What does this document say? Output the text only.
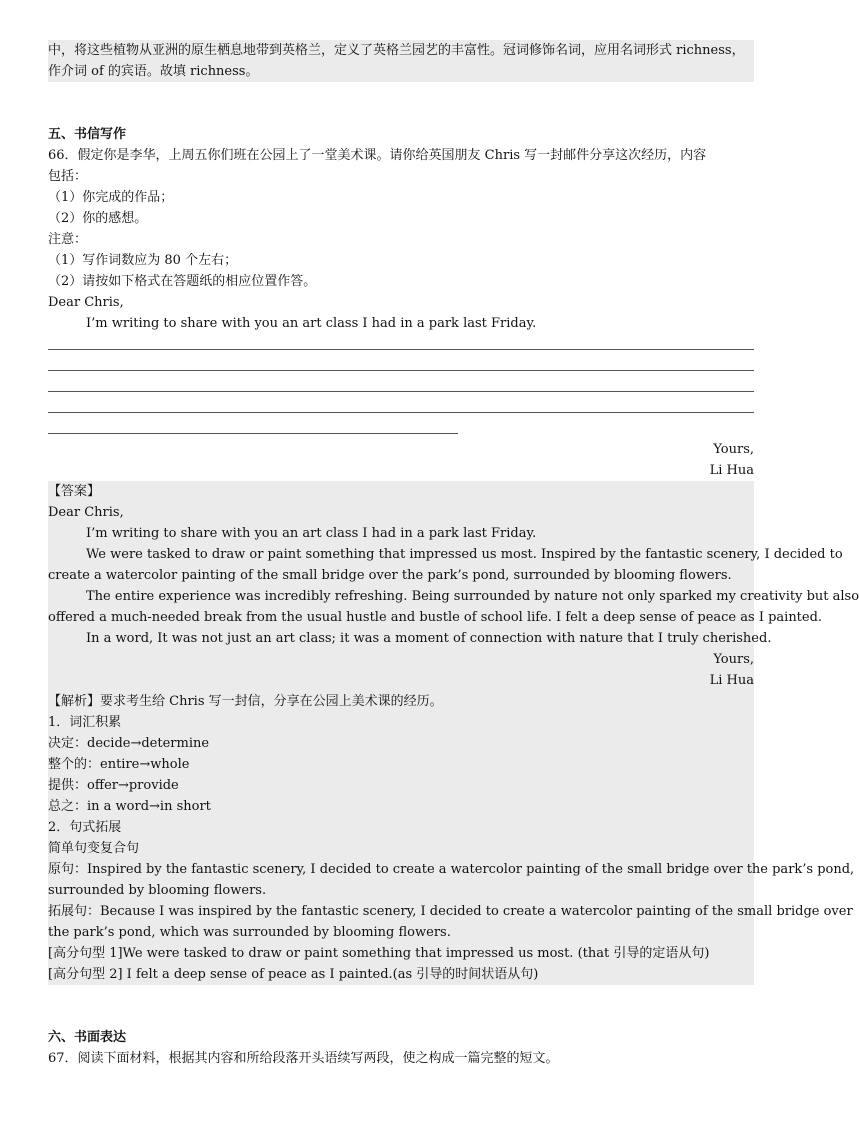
中，将这些植物从亚洲的原生栖息地带到英格兰，定义了英格兰园艺的丰富性。冠词修饰名词，应用名词形式 richness，
作介词 of 的宾语。故填 richness。
五、书信写作
66．假定你是李华，上周五你们班在公园上了一堂美术课。请你给英国朋友 Chris 写一封邮件分享这次经历，内容
包括：
（1）你完成的作品；
（2）你的感想。
注意：
（1）写作词数应为 80 个左右；
（2）请按如下格式在答题纸的相应位置作答。
Dear Chris,
I’m writing to share with you an art class I had in a park last Friday.
Yours,
Li Hua
【答案】
Dear Chris,
I’m writing to share with you an art class I had in a park last Friday.
We were tasked to draw or paint something that impressed us most. Inspired by the fantastic scenery, I decided to
create a watercolor painting of the small bridge over the park’s pond, surrounded by blooming flowers.
The entire experience was incredibly refreshing. Being surrounded by nature not only sparked my creativity but also
offered a much-needed break from the usual hustle and bustle of school life. I felt a deep sense of peace as I painted.
In a word, It was not just an art class; it was a moment of connection with nature that I truly cherished.
Yours,
Li Hua
【解析】要求考生给 Chris 写一封信，分享在公园上美术课的经历。
1．词汇积累
决定：decide→determine
整个的：entire→whole
提供：offer→provide
总之：in a word→in short
2．句式拓展
简单句变复合句
原句：Inspired by the fantastic scenery, I decided to create a watercolor painting of the small bridge over the park’s pond,
surrounded by blooming flowers.
拓展句：Because I was inspired by the fantastic scenery, I decided to create a watercolor painting of the small bridge over
the park’s pond, which was surrounded by blooming flowers.
[高分句型 1]We were tasked to draw or paint something that impressed us most. (that 引导的定语从句)
[高分句型 2] I felt a deep sense of peace as I painted.(as 引导的时间状语从句)
六、书面表达
67．阅读下面材料，根据其内容和所给段落开头语续写两段，使之构成一篇完整的短文。
